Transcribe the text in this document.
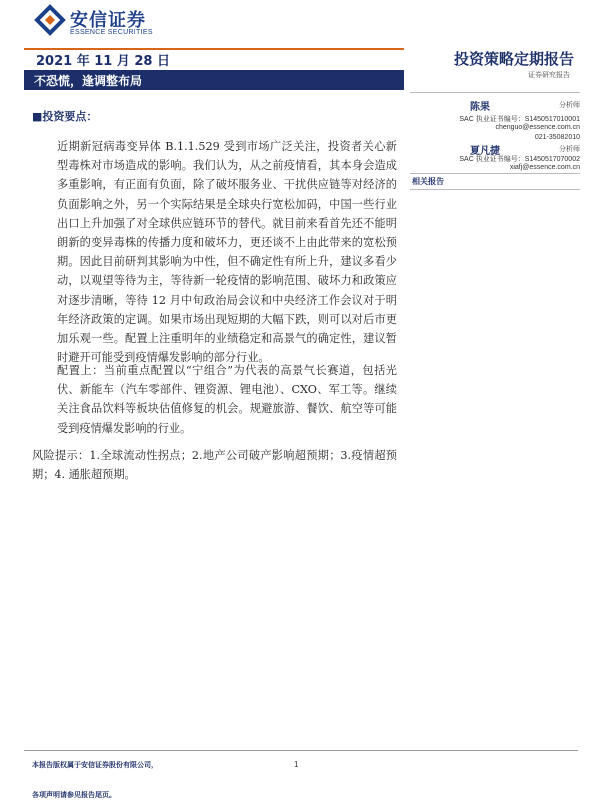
安信证券
ESSENCE SECURITIES
2021 年 11 月 28 日
不恐慌，逢调整布局
投资策略定期报告
证券研究报告
陈果	分析师
SAC 执业证书编号：S1450517010001
chenguo@essence.com.cn
021-35082010
夏凡捷	分析师
SAC 执业证书编号：S1450517070002
xiafj@essence.com.cn
相关报告
■投资要点：
近期新冠病毒变异体 B.1.1.529 受到市场广泛关注，投资者关心新型毒株对市场造成的影响。我们认为，从之前疫情看，其本身会造成多重影响，有正面有负面，除了破坏服务业、干扰供应链等对经济的负面影响之外，另一个实际结果是全球央行宽松加码，中国一些行业出口上升加强了对全球供应链环节的替代。就目前来看首先还不能明朗新的变异毒株的传播力度和破坏力，更还谈不上由此带来的宽松预期。因此目前研判其影响为中性，但不确定性有所上升，建议多看少动，以观望等待为主，等待新一轮疫情的影响范围、破坏力和政策应对逐步清晰，等待 12 月中旬政治局会议和中央经济工作会议对于明年经济政策的定调。如果市场出现短期的大幅下跌，则可以对后市更加乐观一些。配置上注重明年的业绩稳定和高景气的确定性，建议暂时避开可能受到疫情爆发影响的部分行业。
配置上：当前重点配置以“宁组合”为代表的高景气长赛道，包括光伏、新能车（汽车零部件、锂资源、锂电池）、CXO、军工等。继续关注食品饮料等板块估值修复的机会。规避旅游、餐饮、航空等可能受到疫情爆发影响的行业。
风险提示：1.全球流动性拐点；2.地产公司破产影响超预期；3.疫情超预期；4. 通胀超预期。
本报告版权属于安信证券股份有限公司，
各项声明请参见报告尾页。
1
